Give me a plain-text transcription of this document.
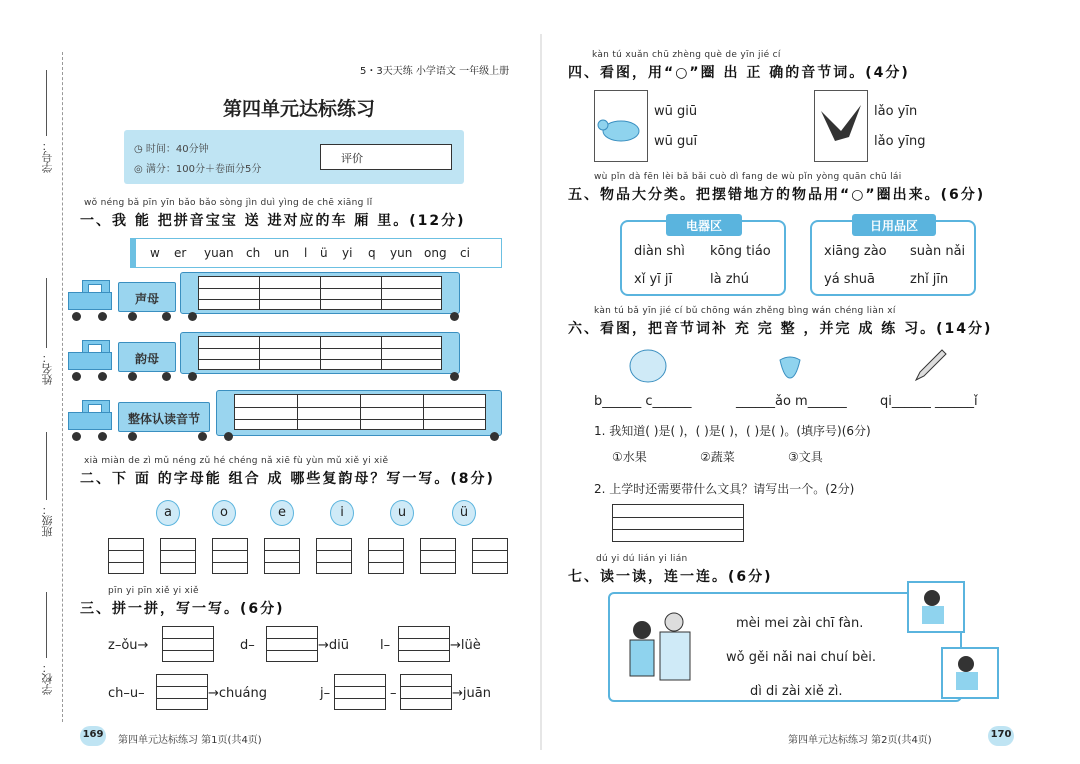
学号：
姓名：
班级：
学校：
5・3天天练 小学语文 一年级上册
第四单元达标练习
◷ 时间：40分钟
◎ 满分：100分＋卷面分5分
评价
wǒ néng bǎ pīn yīn bǎo bǎo sòng jìn duì yìng de chē xiāng lǐ
一、我 能 把拼音宝宝 送 进对应的车 厢 里。(12分)
w er yuan ch un l ü yi q yun ong ci
声母
韵母
整体认读音节
xià miàn de zì mǔ néng zǔ hé chéng nǎ xiē fù yùn mǔ xiě yi xiě
二、下 面 的字母能 组合 成 哪些复韵母？写一写。(8分)
a	o	e	i	u	ü
pīn yi pīn xiě yi xiě
三、拼一拼，写一写。(6分)
z–ǒu→	d–	→diū l–	→lüè
ch–u–	→chuáng	j–	–	→juān
169
第四单元达标练习 第1页(共4页)
kàn tú xuǎn chū zhèng què de yīn jié cí
四、看图，用“○”圈 出 正 确的音节词。(4分)
wū giū
wū guī
lǎo yīn
lǎo yīng
wù pǐn dà fēn lèi bǎ bǎi cuò dì fang de wù pǐn yòng quān chū lái
五、物品大分类。把摆错地方的物品用“○”圈出来。(6分)
电器区
diàn shì kōng tiáo
xǐ yī jī	là zhú
日用品区
xiāng zào suàn nǎi
yá shuā	zhǐ jīn
kàn tú bǎ yīn jié cí bǔ chōng wán zhěng bìng wán chéng liàn xí
六、看图，把音节词补 充 完 整 ，并完 成 练 习。(14分)
b______ c______	______ǎo m______	qi______ ______ǐ
1. 我知道( )是( )，( )是( )，( )是( )。(填序号)(6分)
①水果	②蔬菜	③文具
2. 上学时还需要带什么文具？请写出一个。(2分)
dú yi dú lián yi lián
七、读一读，连一连。(6分)
mèi mei zài chī fàn.
wǒ gěi nǎi nai chuí bèi.
dì di zài xiě zì.
第四单元达标练习 第2页(共4页)
170
